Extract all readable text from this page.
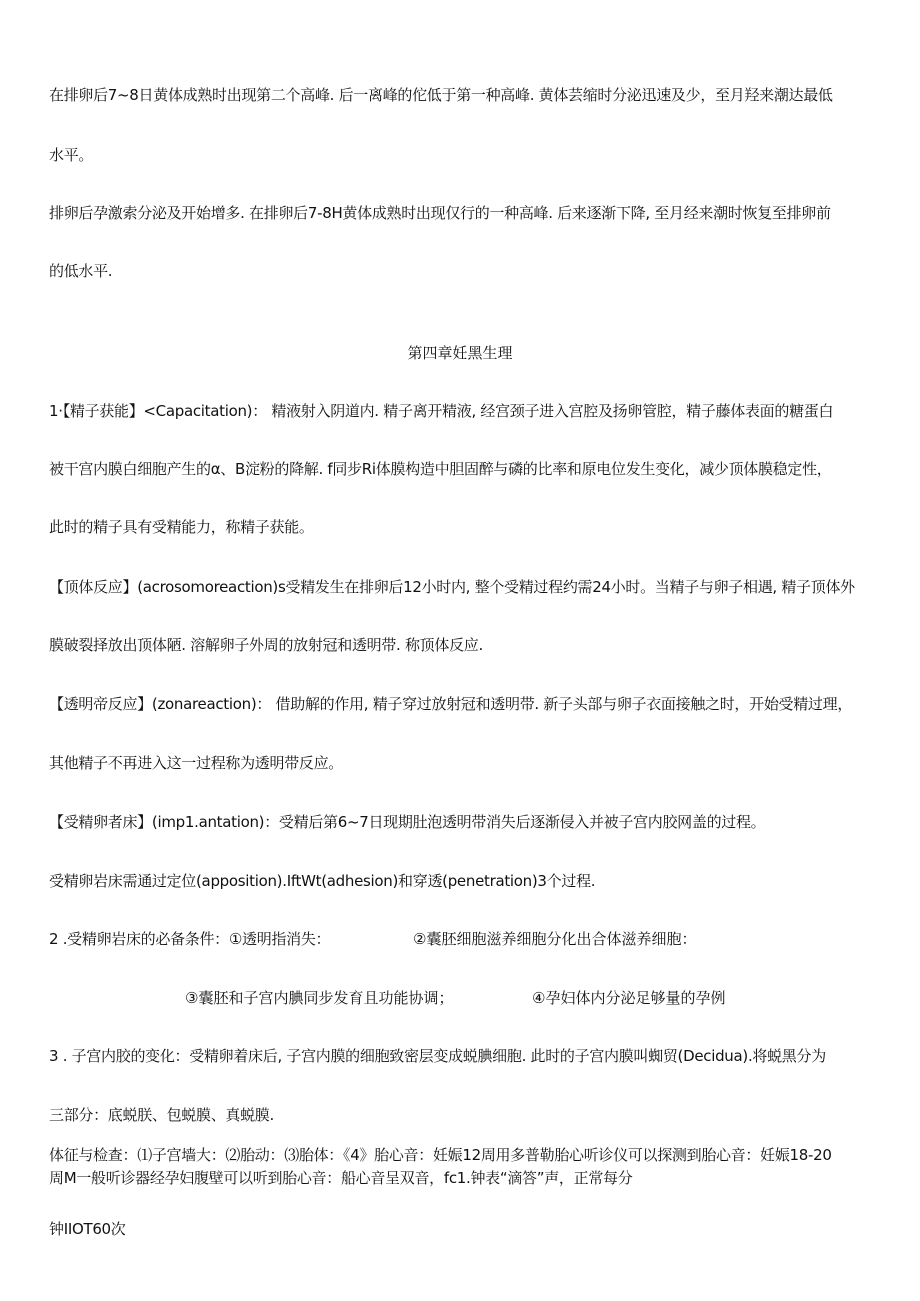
在排卵后7~8日黄体成熟时出现第二个高峰. 后一离峰的佗低于第一种高峰. 黄体芸缩时分泌迅速及少，至月羟来潮达最低
水平。
排卵后孕激索分泌及开始增多. 在排卵后7-8H黄体成熟时出现仅行的一种高峰. 后来逐渐下降, 至月经来潮时恢复至排卵前
的低水平.
第四章妊黑生理
1·【精子获能】<Capacitation)： 精液射入阴道内. 精子离开精液, 经宫颈子进入宫腔及扬卵管腔，精子藤体表面的糖蛋白
被干宫内膜白细胞产生的α、B淀粉的降解. f同步Ri体膜构造中胆固醉与磷的比率和原电位发生变化，减少顶体膜稳定性，
此时的精子具有受精能力，称精子获能。
【顶体反应】(acrosomoreaction)s受精发生在排卵后12小时内, 整个受精过程约需24小时。当精子与卵子相遇, 精子顶体外
膜破裂择放出顶体陋. 溶解卵子外周的放射冠和透明带. 称顶体反应.
【透明帝反应】(zonareaction)： 借助解的作用, 精子穿过放射冠和透明带. 新子头部与卵子衣面接触之时，开始受精过理，
其他精子不再进入这一过程称为透明带反应。
【受精卵者床】(imp1.antation)：受精后第6~7日现期肚泡透明带消失后逐渐侵入并被子宫内胶网盖的过程。
受精卵岩床需通过定位(apposition).IftWt(adhesion)和穿透(penetration)3个过程.
2 .受精卵岩床的必备条件：①透明指消失：	②囊胚细胞滋养细胞分化出合体滋养细胞：
③囊胚和子宫内腆同步发育且功能协调；	④孕妇体内分泌足够量的孕例
3 . 子宫内胶的变化：受精卵着床后, 子宫内膜的细胞致密层变成蜕腆细胞. 此时的子宫内膜叫蜘贸(Decidua).将蜕黑分为
三部分：底蜕朕、包蜕膜、真蜕膜.
体征与检查：⑴子宫墙大：⑵胎动：⑶胎体：《4》胎心音：妊娠12周用多普勒胎心听诊仪可以探测到胎心音：妊娠18-20
周M一般听诊器经孕妇腹壁可以听到胎心音：船心音呈双音，fc1.钟表“滴答”声，正常每分
钟IIOT60次
